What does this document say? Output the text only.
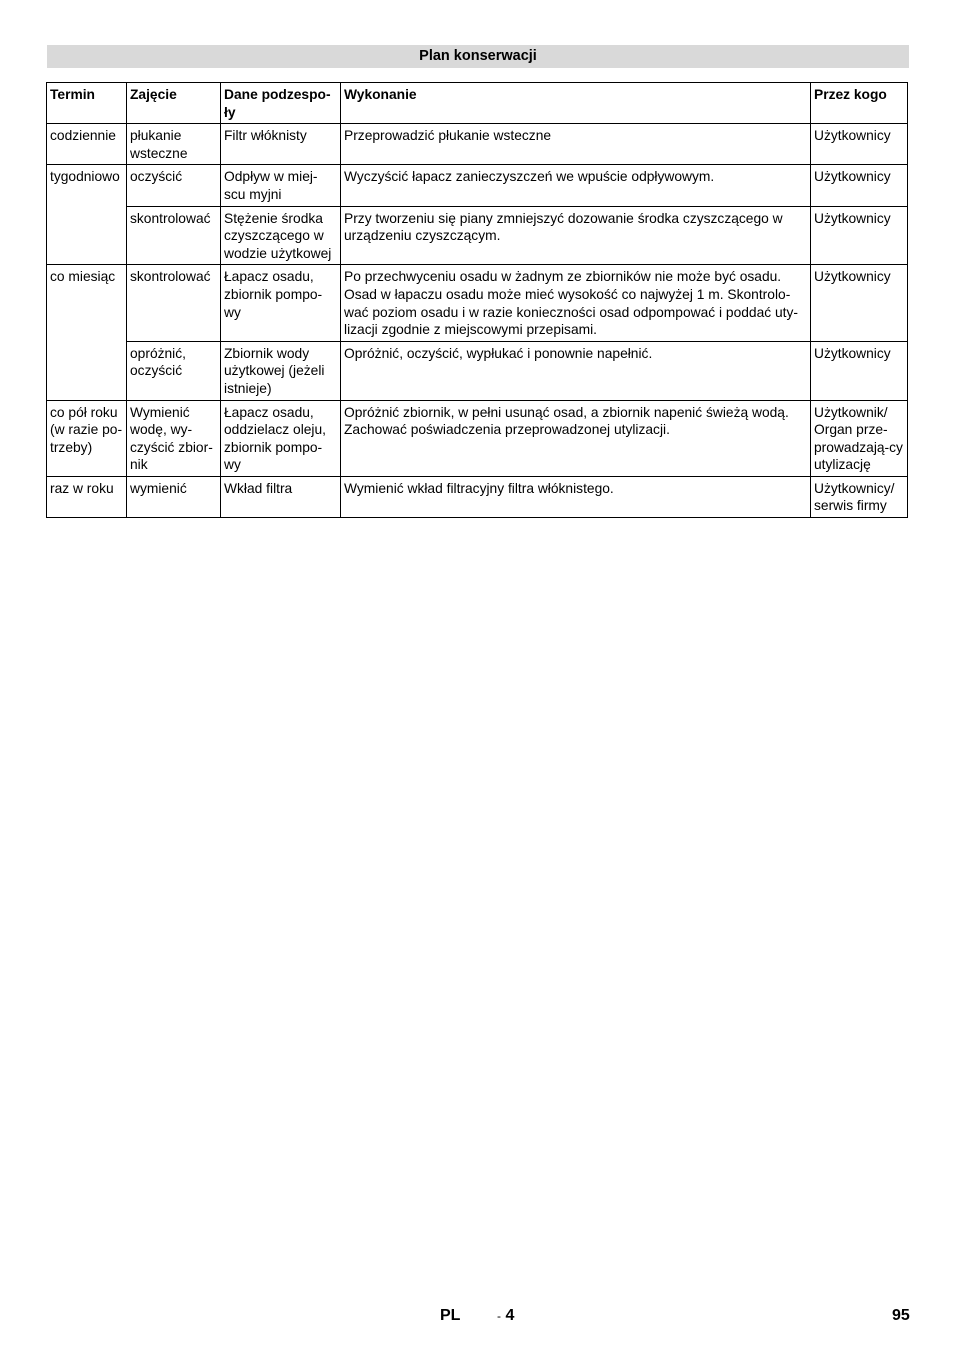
Plan konserwacji
Termin	Zajęcie	Dane podzespo-ły	Wykonanie	Przez kogo
codziennie	płukanie wsteczne	Filtr włóknisty	Przeprowadzić płukanie wsteczne	Użytkownicy
tygodniowo	oczyścić	Odpływ w miej-scu myjni	Wyczyścić łapacz zanieczyszczeń we wpuście odpływowym.	Użytkownicy
	skontrolować	Stężenie środka czyszczącego w wodzie użytkowej	Przy tworzeniu się piany zmniejszyć dozowanie środka czyszczącego w urządzeniu czyszczącym.	Użytkownicy
co miesiąc	skontrolować	Łapacz osadu, zbiornik pompo-wy	Po przechwyceniu osadu w żadnym ze zbiorników nie może być osadu. Osad w łapaczu osadu może mieć wysokość co najwyżej 1 m. Skontrolo-wać poziom osadu i w razie konieczności osad odpompować i poddać uty-lizacji zgodnie z miejscowymi przepisami.	Użytkownicy
	opróżnić, oczyścić	Zbiornik wody użytkowej (jeżeli istnieje)	Opróżnić, oczyścić, wypłukać i ponownie napełnić.	Użytkownicy
co pół roku (w razie po-trzeby)	Wymienić wodę, wy-czyścić zbior-nik	Łapacz osadu, oddzielacz oleju, zbiornik pompo-wy	Opróżnić zbiornik, w pełni usunąć osad, a zbiornik napenić świeżą wodą. Zachować poświadczenia przeprowadzonej utylizacji.	Użytkownik/ Organ prze-prowadzają-cy utylizację
raz w roku	wymienić	Wkład filtra	Wymienić wkład filtracyjny filtra włóknistego.	Użytkownicy/ serwis firmy
PL	- 4	95
